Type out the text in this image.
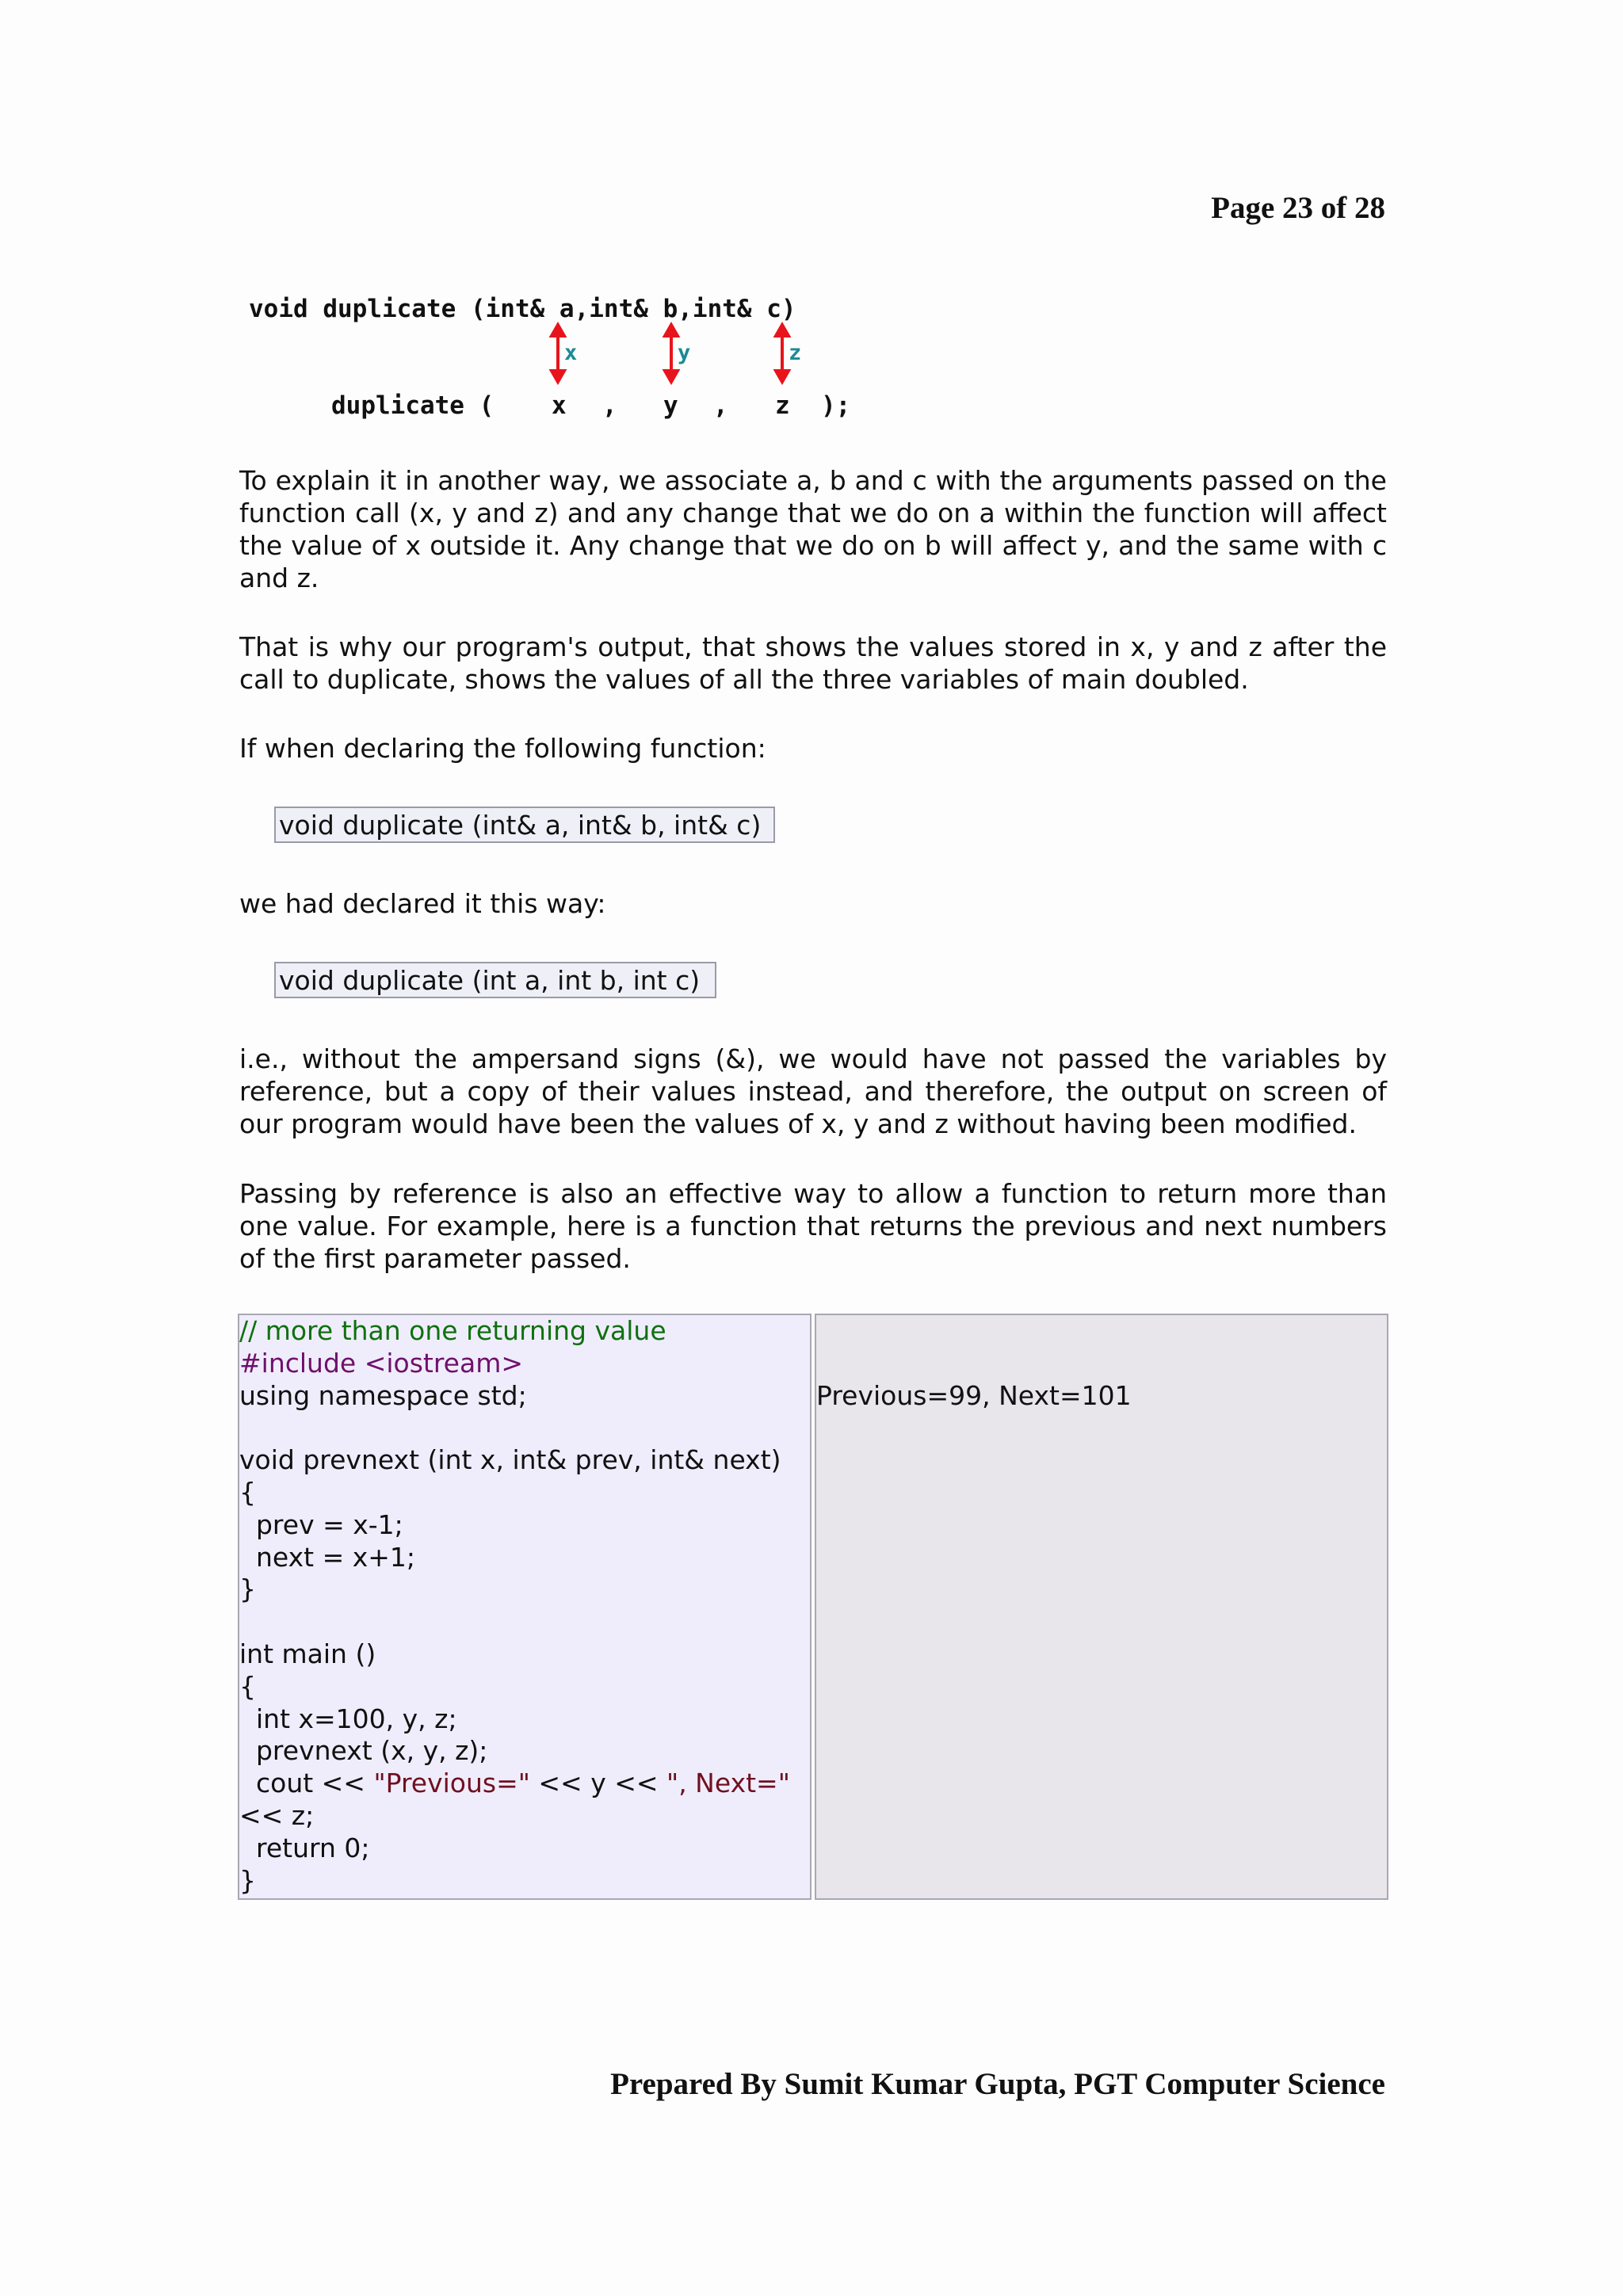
Page 23 of 28
void duplicate (int& a,int& b,int& c)
x	y	z
duplicate ( x , y , z );

To explain it in another way, we associate a, b and c with the arguments passed on the function call (x, y and z) and any change that we do on a within the function will affect the value of x outside it. Any change that we do on b will affect y, and the same with c and z.

That is why our program's output, that shows the values stored in x, y and z after the call to duplicate, shows the values of all the three variables of main doubled.

If when declaring the following function:

void duplicate (int& a, int& b, int& c)

we had declared it this way:

void duplicate (int a, int b, int c)

i.e., without the ampersand signs (&), we would have not passed the variables by reference, but a copy of their values instead, and therefore, the output on screen of our program would have been the values of x, y and z without having been modified.

Passing by reference is also an effective way to allow a function to return more than one value. For example, here is a function that returns the previous and next numbers of the first parameter passed.

// more than one returning value
#include <iostream>
using namespace std;
void prevnext (int x, int& prev, int& next)
{
prev = x-1;
next = x+1;
}
int main ()
{
int x=100, y, z;
prevnext (x, y, z);
cout << "Previous=" << y << ", Next="
<< z;
return 0;
}

Previous=99, Next=101

Prepared By Sumit Kumar Gupta, PGT Computer Science
